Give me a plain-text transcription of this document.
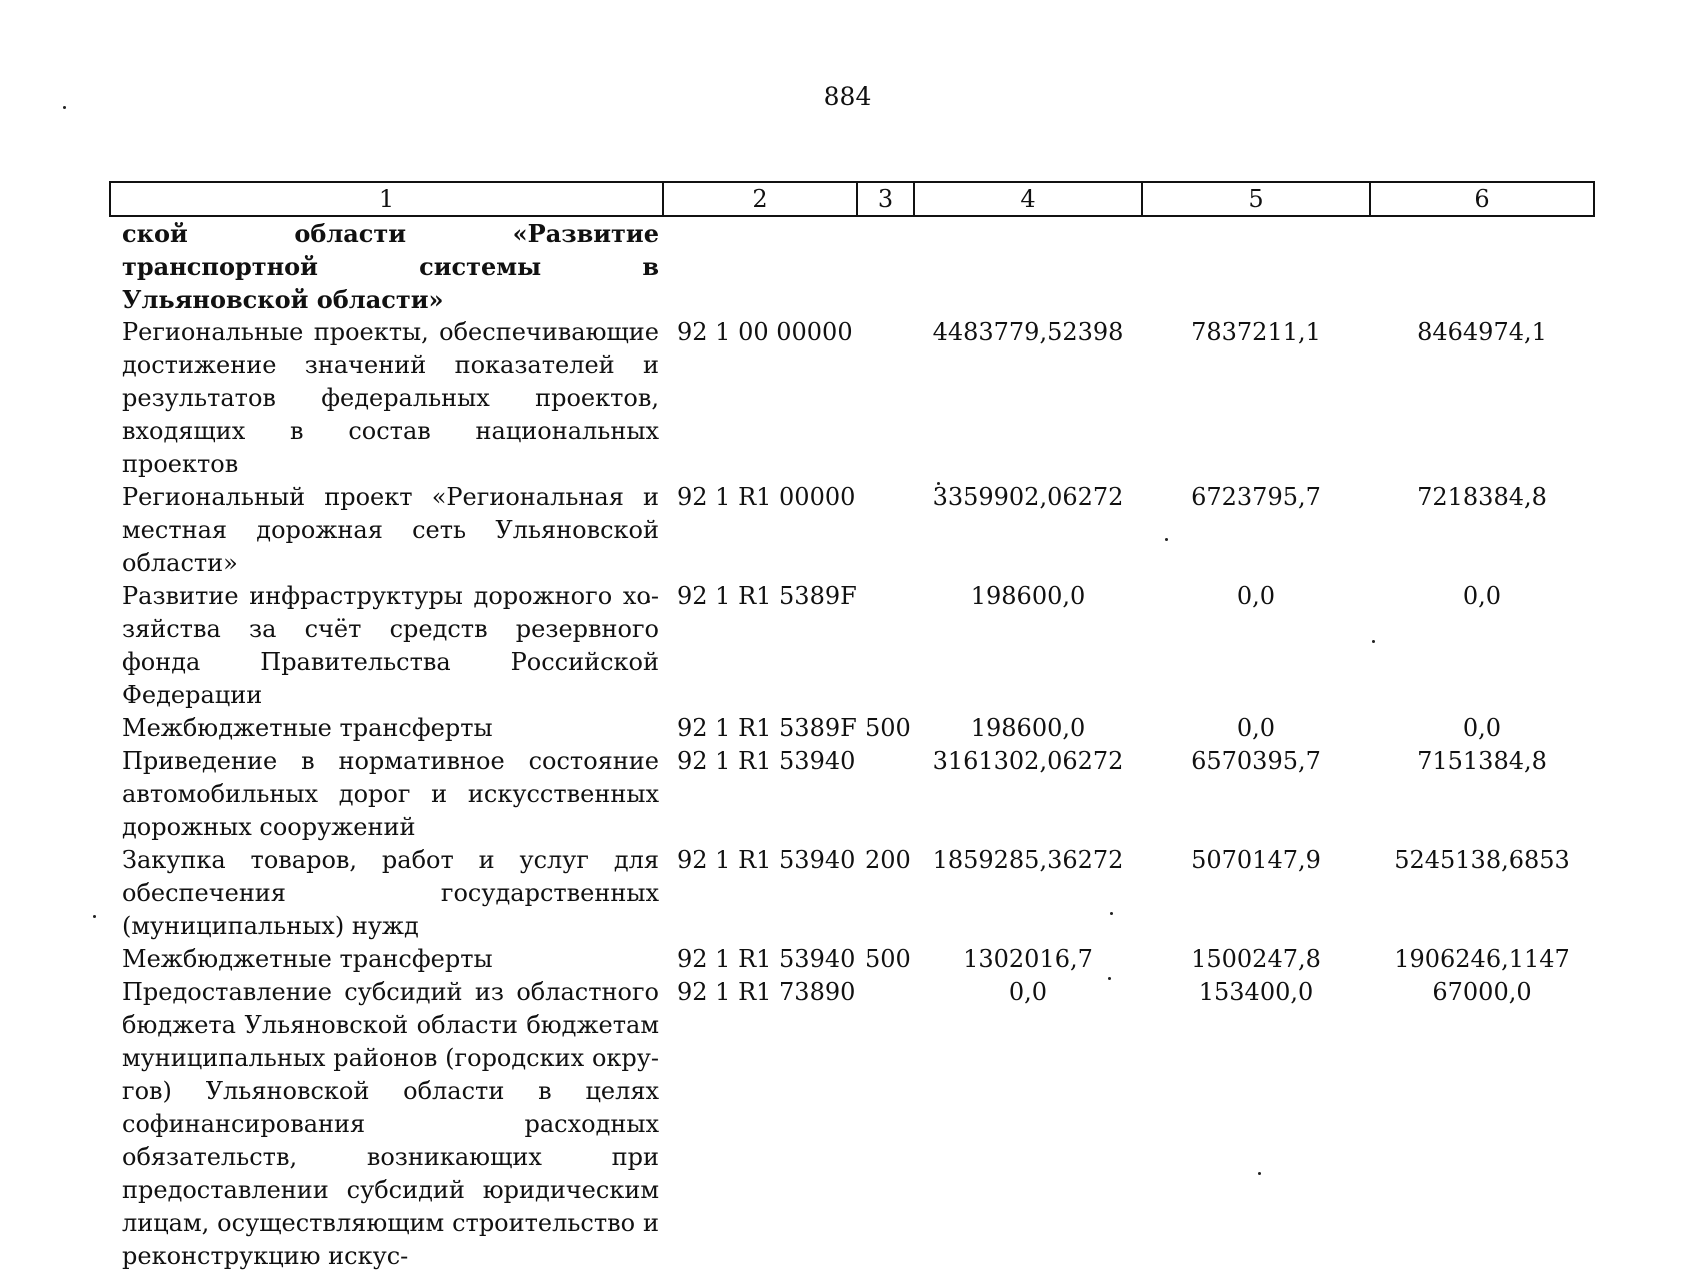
884
1	2	3	4	5	6
ской области «Развитие транспортной системы в Ульяновской области»					
Региональные проекты, обеспечивающие достижение значений показателей и результатов федеральных проектов, входящих в состав национальных проектов	92 1 00 00000		4483779,52398	7837211,1	8464974,1
Региональный проект «Региональная и местная дорожная сеть Ульяновской области»	92 1 R1 00000		3359902,06272	6723795,7	7218384,8
Развитие инфраструктуры дорожного хозяйства за счёт средств резервного фонда Правительства Российской Федерации	92 1 R1 5389F		198600,0	0,0	0,0
Межбюджетные трансферты	92 1 R1 5389F	500	198600,0	0,0	0,0
Приведение в нормативное состояние автомобильных дорог и искусственных дорожных сооружений	92 1 R1 53940		3161302,06272	6570395,7	7151384,8
Закупка товаров, работ и услуг для обеспечения государственных (муниципальных) нужд	92 1 R1 53940	200	1859285,36272	5070147,9	5245138,6853
Межбюджетные трансферты	92 1 R1 53940	500	1302016,7	1500247,8	1906246,1147
Предоставление субсидий из областного бюджета Ульяновской области бюджетам муниципальных районов (городских округов) Ульяновской области в целях софинансирования расходных обязательств, возникающих при предоставлении субсидий юридическим лицам, осуществляющим строительство и реконструкцию искус-	92 1 R1 73890		0,0	153400,0	67000,0
